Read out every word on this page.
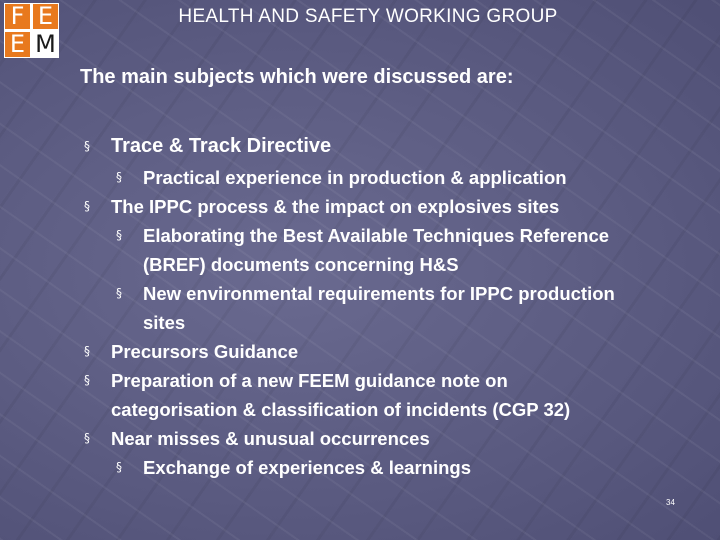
F E
E M
HEALTH AND SAFETY WORKING GROUP
The main subjects which were discussed are:
§ Trace & Track Directive
§ Practical experience in production & application
§ The IPPC process & the impact on explosives sites
§ Elaborating the Best Available Techniques Reference
(BREF) documents concerning H&S
§ New environmental requirements for IPPC production
sites
§ Precursors Guidance
§ Preparation of a new FEEM guidance note on
categorisation & classification of incidents (CGP 32)
§ Near misses & unusual occurrences
§ Exchange of experiences & learnings
34
